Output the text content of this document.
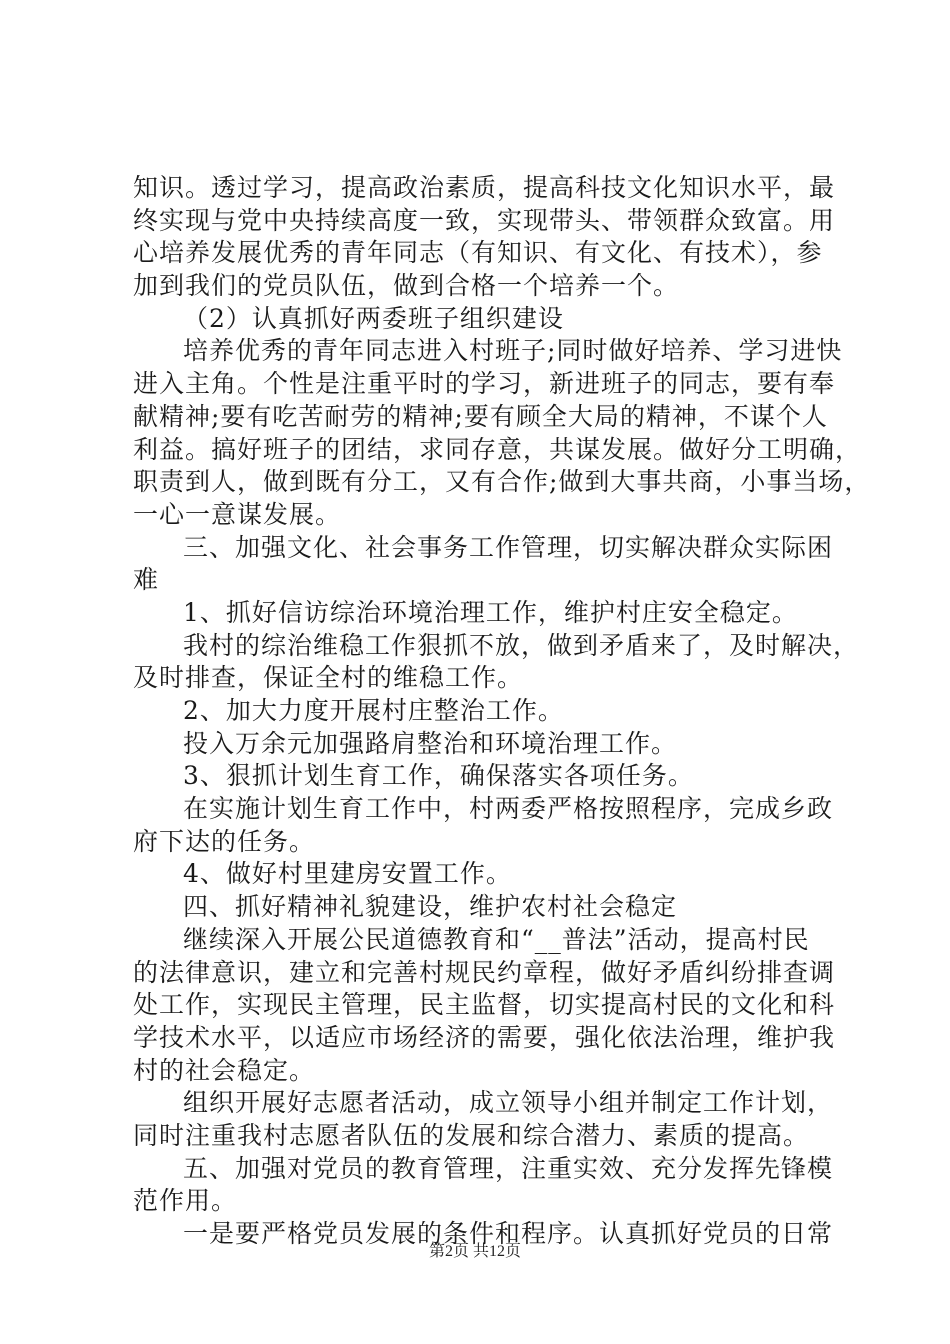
知识。透过学习，提高政治素质，提高科技文化知识水平，最
终实现与党中央持续高度一致，实现带头、带领群众致富。用
心培养发展优秀的青年同志（有知识、有文化、有技术），参
加到我们的党员队伍，做到合格一个培养一个。
（2）认真抓好两委班子组织建设
培养优秀的青年同志进入村班子;同时做好培养、学习进快
进入主角。个性是注重平时的学习，新进班子的同志，要有奉
献精神;要有吃苦耐劳的精神;要有顾全大局的精神，不谋个人
利益。搞好班子的团结，求同存意，共谋发展。做好分工明确，
职责到人，做到既有分工，又有合作;做到大事共商，小事当场，
一心一意谋发展。
三、加强文化、社会事务工作管理，切实解决群众实际困
难
1、抓好信访综治环境治理工作，维护村庄安全稳定。
我村的综治维稳工作狠抓不放，做到矛盾来了，及时解决，
及时排查，保证全村的维稳工作。
2、加大力度开展村庄整治工作。
投入万余元加强路肩整治和环境治理工作。
3、狠抓计划生育工作，确保落实各项任务。
在实施计划生育工作中，村两委严格按照程序，完成乡政
府下达的任务。
4、做好村里建房安置工作。
四、抓好精神礼貌建设，维护农村社会稳定
继续深入开展公民道德教育和“__普法”活动，提高村民
的法律意识，建立和完善村规民约章程，做好矛盾纠纷排查调
处工作，实现民主管理，民主监督，切实提高村民的文化和科
学技术水平，以适应市场经济的需要，强化依法治理，维护我
村的社会稳定。
组织开展好志愿者活动，成立领导小组并制定工作计划，
同时注重我村志愿者队伍的发展和综合潜力、素质的提高。
五、加强对党员的教育管理，注重实效、充分发挥先锋模
范作用。
一是要严格党员发展的条件和程序。认真抓好党员的日常
第2页 共12页
